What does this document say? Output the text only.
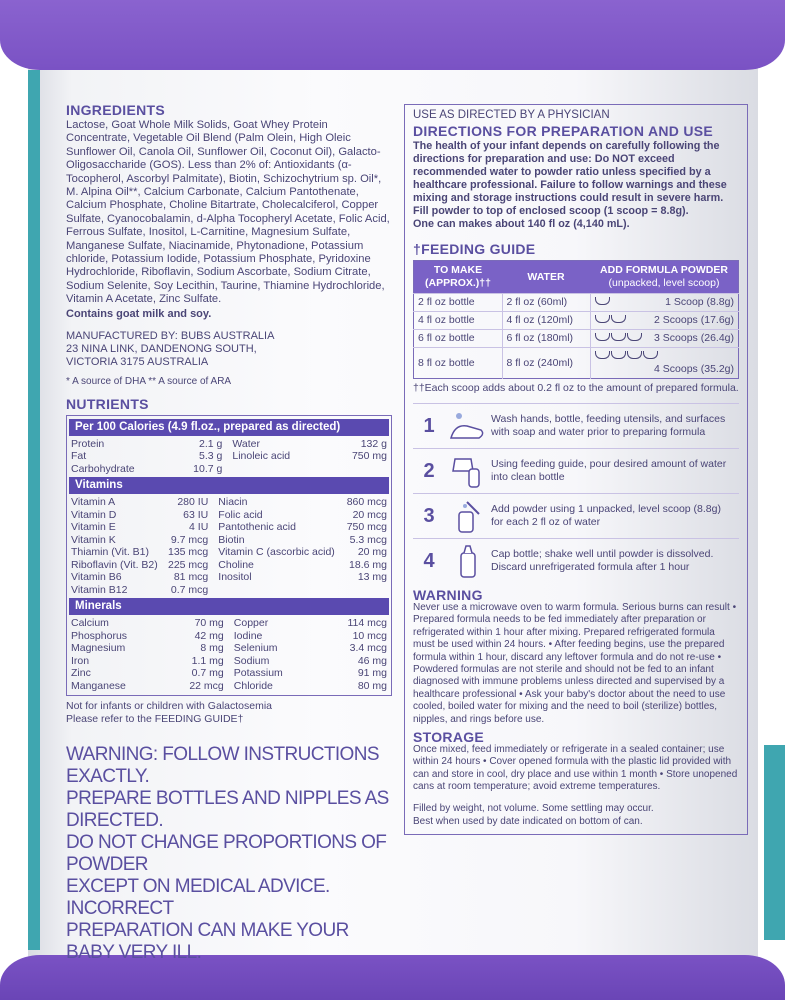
INGREDIENTS
Lactose, Goat Whole Milk Solids, Goat Whey Protein Concentrate, Vegetable Oil Blend (Palm Olein, High Oleic Sunflower Oil, Canola Oil, Sunflower Oil, Coconut Oil), Galacto-Oligosaccharide (GOS). Less than 2% of: Antioxidants (α-Tocopherol, Ascorbyl Palmitate), Biotin, Schizochytrium sp. Oil*, M. Alpina Oil**, Calcium Carbonate, Calcium Pantothenate, Calcium Phosphate, Choline Bitartrate, Cholecalciferol, Copper Sulfate, Cyanocobalamin, d-Alpha Tocopheryl Acetate, Folic Acid, Ferrous Sulfate, Inositol, L-Carnitine, Magnesium Sulfate, Manganese Sulfate, Niacinamide, Phytonadione, Potassium chloride, Potassium Iodide, Potassium Phosphate, Pyridoxine Hydrochloride, Riboflavin, Sodium Ascorbate, Sodium Citrate, Sodium Selenite, Soy Lecithin, Taurine, Thiamine Hydrochloride, Vitamin A Acetate, Zinc Sulfate.
Contains goat milk and soy.
MANUFACTURED BY: BUBS AUSTRALIA
23 NINA LINK, DANDENONG SOUTH,
VICTORIA 3175 AUSTRALIA
* A source of DHA ** A source of ARA
NUTRIENTS
Per 100 Calories (4.9 fl.oz., prepared as directed)
Protein	2.1 g	Water	132 g
Fat	5.3 g	Linoleic acid	750 mg
Carbohydrate	10.7 g		
Vitamins
Vitamin A	280 IU	Niacin	860 mcg
Vitamin D	63 IU	Folic acid	20 mcg
Vitamin E	4 IU	Pantothenic acid	750 mcg
Vitamin K	9.7 mcg	Biotin	5.3 mcg
Thiamin (Vit. B1)	135 mcg	Vitamin C (ascorbic acid)	20 mg
Riboflavin (Vit. B2)	225 mcg	Choline	18.6 mg
Vitamin B6	81 mcg	Inositol	13 mg
Vitamin B12	0.7 mcg		
Minerals
Calcium	70 mg	Copper	114 mcg
Phosphorus	42 mg	Iodine	10 mcg
Magnesium	8 mg	Selenium	3.4 mcg
Iron	1.1 mg	Sodium	46 mg
Zinc	0.7 mg	Potassium	91 mg
Manganese	22 mcg	Chloride	80 mg
Not for infants or children with Galactosemia
Please refer to the FEEDING GUIDE†
WARNING: FOLLOW INSTRUCTIONS EXACTLY.
PREPARE BOTTLES AND NIPPLES AS DIRECTED.
DO NOT CHANGE PROPORTIONS OF POWDER
EXCEPT ON MEDICAL ADVICE. INCORRECT
PREPARATION CAN MAKE YOUR BABY VERY ILL.
USE AS DIRECTED BY A PHYSICIAN
DIRECTIONS FOR PREPARATION AND USE
The health of your infant depends on carefully following the directions for preparation and use: Do NOT exceed recommended water to powder ratio unless specified by a healthcare professional. Failure to follow warnings and these mixing and storage instructions could result in severe harm.
Fill powder to top of enclosed scoop (1 scoop = 8.8g).
One can makes about 140 fl oz (4,140 mL).
†FEEDING GUIDE
TO MAKE (APPROX.)††	WATER	ADD FORMULA POWDER
(unpacked, level scoop)

2 fl oz bottle	2 fl oz (60ml)	1 Scoop (8.8g)

4 fl oz bottle	4 fl oz (120ml)	2 Scoops (17.6g)

6 fl oz bottle	6 fl oz (180ml)	3 Scoops (26.4g)

8 fl oz bottle	8 fl oz (240ml)	4 Scoops (35.2g)
††Each scoop adds about 0.2 fl oz to the amount of prepared formula.
1	Wash hands, bottle, feeding utensils, and surfaces with soap and water prior to preparing formula
2	Using feeding guide, pour desired amount of water into clean bottle
3	Add powder using 1 unpacked, level scoop (8.8g) for each 2 fl oz of water
4	Cap bottle; shake well until powder is dissolved. Discard unrefrigerated formula after 1 hour
WARNING
Never use a microwave oven to warm formula. Serious burns can result • Prepared formula needs to be fed immediately after preparation or refrigerated within 1 hour after mixing. Prepared refrigerated formula must be used within 24 hours. • After feeding begins, use the prepared formula within 1 hour, discard any leftover formula and do not re-use • Powdered formulas are not sterile and should not be fed to an infant diagnosed with immune problems unless directed and supervised by a healthcare professional • Ask your baby's doctor about the need to use cooled, boiled water for mixing and the need to boil (sterilize) bottles, nipples, and rings before use.
STORAGE
Once mixed, feed immediately or refrigerate in a sealed container; use within 24 hours • Cover opened formula with the plastic lid provided with can and store in cool, dry place and use within 1 month • Store unopened cans at room temperature; avoid extreme temperatures.
Filled by weight, not volume. Some settling may occur.
Best when used by date indicated on bottom of can.
